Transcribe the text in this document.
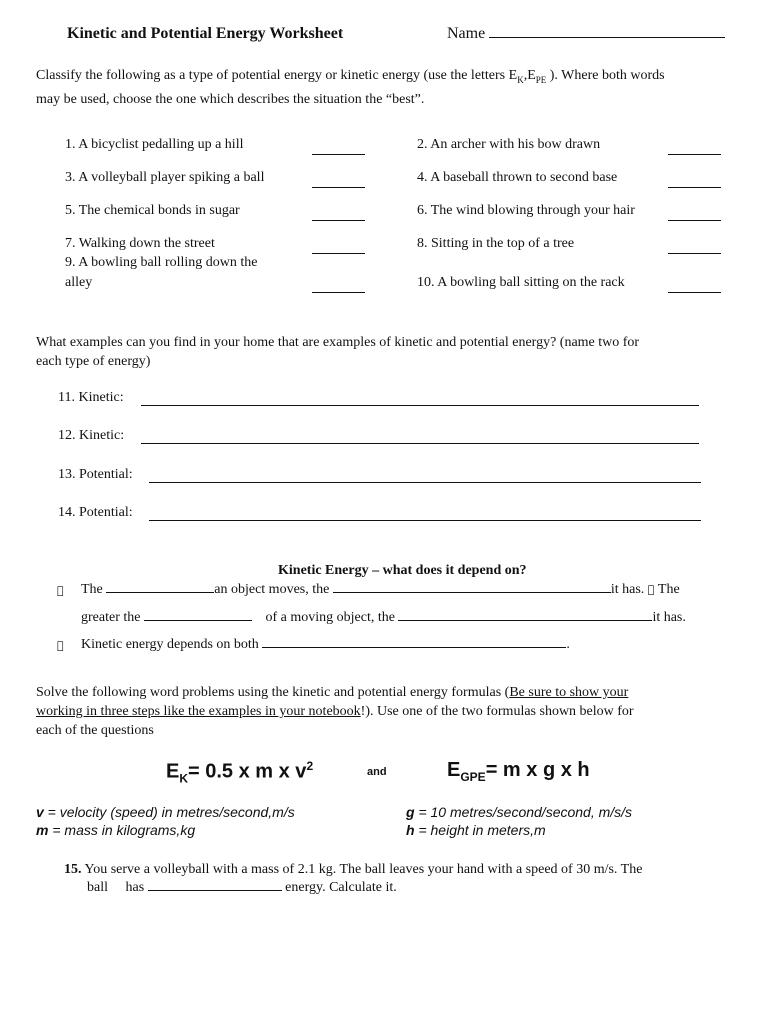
Kinetic and Potential Energy Worksheet	Name
Classify the following as a type of potential energy or kinetic energy (use the letters $E_K,E_{PE}$ ). Where both words
may be used, choose the one which describes the situation the “best”.
1. A bicyclist pedalling up a hill	2. An archer with his bow drawn
3. A volleyball player spiking a ball	4. A baseball thrown to second base
5. The chemical bonds in sugar	6. The wind blowing through your hair
7. Walking down the street	8. Sitting in the top of a tree
9. A bowling ball rolling down the
alley	10. A bowling ball sitting on the rack
What examples can you find in your home that are examples of kinetic and potential energy? (name two for
each type of energy)
11. Kinetic:
12. Kinetic:
13. Potential:
14. Potential:
Kinetic Energy – what does it depend on?
The	an object moves, the	it has. The
greater the	of a moving object, the	it has.
Kinetic energy depends on both	.
Solve the following word problems using the kinetic and potential energy formulas (Be sure to show your
working in three steps like the examples in your notebook!). Use one of the two formulas shown below for
each of the questions
$E_K= 0.5$ x m x $v^2$	and	$E_{GPE}= m$ x g x h
v = velocity (speed) in metres/second,m/s
m = mass in kilograms,kg
g = 10 metres/second/second, m/s/s
h = height in meters,m
15. You serve a volleyball with a mass of 2.1 kg. The ball leaves your hand with a speed of 30 m/s. The
ball     has	energy. Calculate it.
